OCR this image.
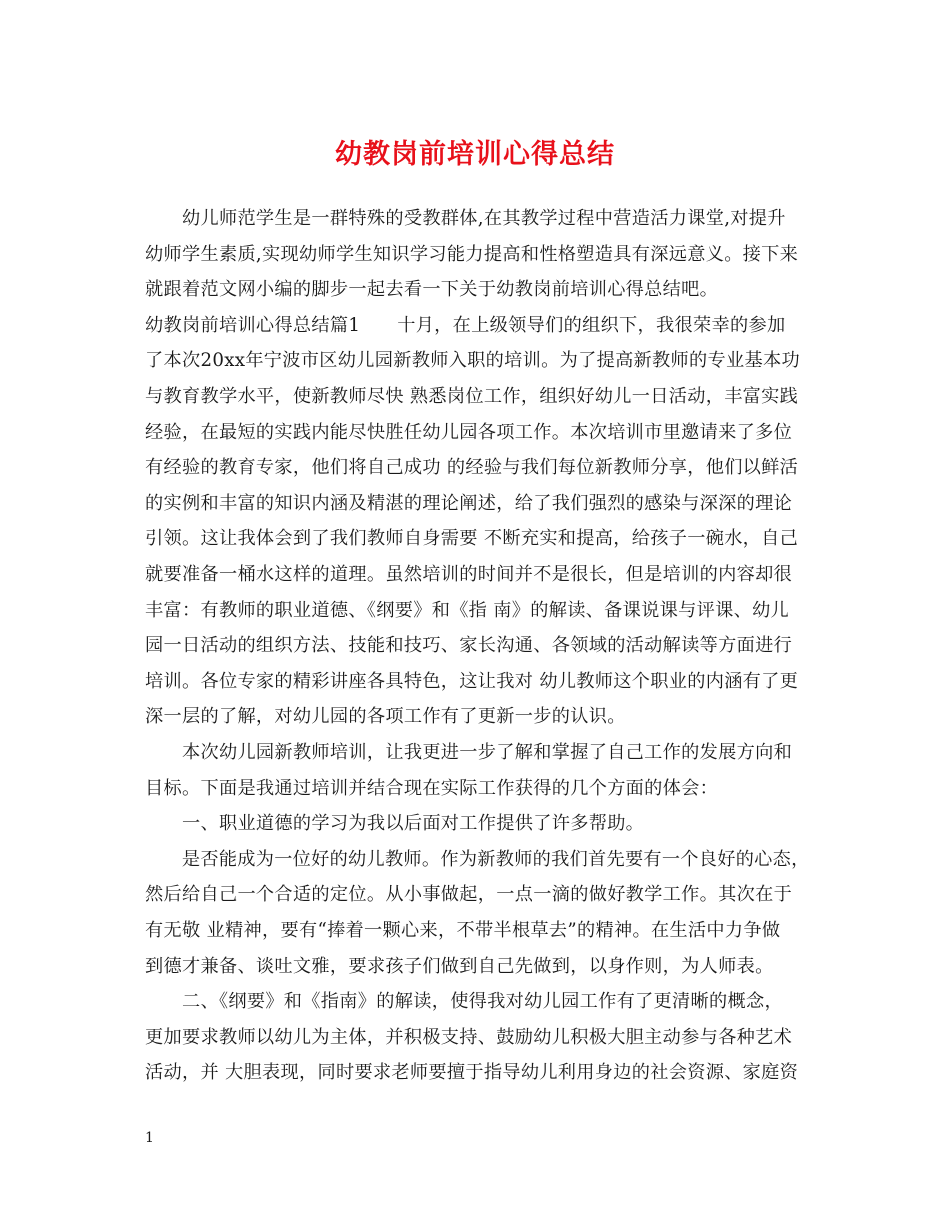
幼教岗前培训心得总结
　　幼儿师范学生是一群特殊的受教群体,在其教学过程中营造活力课堂,对提升
幼师学生素质,实现幼师学生知识学习能力提高和性格塑造具有深远意义。接下来
就跟着范文网小编的脚步一起去看一下关于幼教岗前培训心得总结吧。
幼教岗前培训心得总结篇1　　十月，在上级领导们的组织下，我很荣幸的参加
了本次20xx年宁波市区幼儿园新教师入职的培训。为了提高新教师的专业基本功
与教育教学水平，使新教师尽快 熟悉岗位工作，组织好幼儿一日活动，丰富实践
经验，在最短的实践内能尽快胜任幼儿园各项工作。本次培训市里邀请来了多位
有经验的教育专家，他们将自己成功 的经验与我们每位新教师分享，他们以鲜活
的实例和丰富的知识内涵及精湛的理论阐述，给了我们强烈的感染与深深的理论
引领。这让我体会到了我们教师自身需要 不断充实和提高，给孩子一碗水，自己
就要准备一桶水这样的道理。虽然培训的时间并不是很长，但是培训的内容却很
丰富：有教师的职业道德、《纲要》和《指 南》的解读、备课说课与评课、幼儿
园一日活动的组织方法、技能和技巧、家长沟通、各领域的活动解读等方面进行
培训。各位专家的精彩讲座各具特色，这让我对 幼儿教师这个职业的内涵有了更
深一层的了解，对幼儿园的各项工作有了更新一步的认识。
　　本次幼儿园新教师培训，让我更进一步了解和掌握了自己工作的发展方向和
目标。下面是我通过培训并结合现在实际工作获得的几个方面的体会：
　　一、职业道德的学习为我以后面对工作提供了许多帮助。
　　是否能成为一位好的幼儿教师。作为新教师的我们首先要有一个良好的心态，
然后给自己一个合适的定位。从小事做起，一点一滴的做好教学工作。其次在于
有无敬 业精神，要有“捧着一颗心来，不带半根草去”的精神。在生活中力争做
到德才兼备、谈吐文雅，要求孩子们做到自己先做到，以身作则，为人师表。
　　二、《纲要》和《指南》的解读，使得我对幼儿园工作有了更清晰的概念，
更加要求教师以幼儿为主体，并积极支持、鼓励幼儿积极大胆主动参与各种艺术
活动，并 大胆表现，同时要求老师要擅于指导幼儿利用身边的社会资源、家庭资
1
